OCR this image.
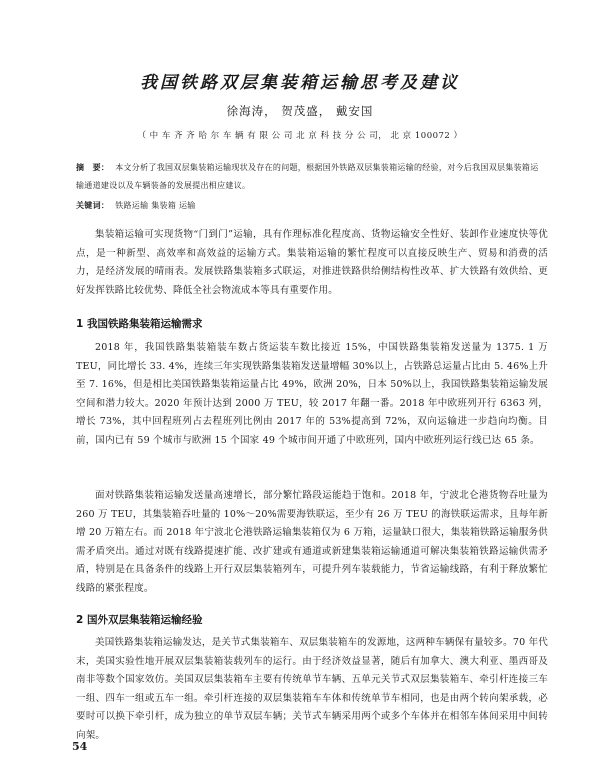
我国铁路双层集装箱运输思考及建议
徐海涛， 贺茂盛， 戴安国
（ 中 车 齐 齐 哈 尔 车 辆 有 限 公 司 北 京 科 技 分 公 司， 北 京 100072 ）
摘　要： 本文分析了我国双层集装箱运输现状及存在的问题，根据国外铁路双层集装箱运输的经验，对今后我国双层集装箱运输通道建设以及车辆装备的发展提出相应建议。
关键词： 铁路运输 集装箱 运输
集装箱运输可实现货物“门到门”运输，具有作理标准化程度高、货物运输安全性好、装卸作业速度快等优点，是一种新型、高效率和高效益的运输方式。集装箱运输的繁忙程度可以直接反映生产、贸易和消费的活力，是经济发展的晴雨表。发展铁路集装箱多式联运，对推进铁路供给侧结构性改革、扩大铁路有效供给、更好发挥铁路比较优势、降低全社会物流成本等具有重要作用。
1 我国铁路集装箱运输需求
2018 年，我国铁路集装箱装车数占货运装车数比接近 15%，中国铁路集装箱发送量为 1375. 1 万 TEU，同比增长 33. 4%，连续三年实现铁路集装箱发送量增幅 30%以上，占铁路总运量占比由 5. 46%上升至 7. 16%，但是相比美国铁路集装箱运量占比 49%，欧洲 20%，日本 50%以上，我国铁路集装箱运输发展空间和潜力较大。2020 年预计达到 2000 万 TEU，较 2017 年翻一番。2018 年中欧班列开行 6363 列，增长 73%，其中回程班列占去程班列比例由 2017 年的 53%提高到 72%，双向运输进一步趋向均衡。目前，国内已有 59 个城市与欧洲 15 个国家 49 个城市间开通了中欧班列，国内中欧班列运行线已达 65 条。
面对铁路集装箱运输发送量高速增长，部分繁忙路段运能趋于饱和。2018 年，宁波北仑港货物吞吐量为 260 万 TEU，其集装箱吞吐量的 10%～20%需要海铁联运，至少有 26 万 TEU 的海铁联运需求，且每年新增 20 万箱左右。而 2018 年宁波北仑港铁路运输集装箱仅为 6 万箱，运量缺口很大，集装箱铁路运输服务供需矛盾突出。通过对既有线路提速扩能、改扩建或有通道或新建集装箱运输通道可解决集装箱铁路运输供需矛盾，特别是在具备条件的线路上开行双层集装箱列车，可提升列车装载能力，节省运输线路，有利于释放繁忙线路的紧张程度。
2 国外双层集装箱运输经验
美国铁路集装箱运输发达，是关节式集装箱车、双层集装箱车的发源地，这两种车辆保有量较多。70 年代末，美国实验性地开展双层集装箱装载列车的运行。由于经济效益显著，随后有加拿大、澳大利亚、墨西哥及南非等数个国家效仿。美国双层集装箱车主要有传统单节车辆、五单元关节式双层集装箱车、牵引杆连接三车一组、四车一组或五车一组。牵引杆连接的双层集装箱车车体和传统单节车相同，也是由两个转向架承载，必要时可以换下牵引杆，成为独立的单节双层车辆；关节式车辆采用两个或多个车体并在相邻车体间采用中间转向架。
54
